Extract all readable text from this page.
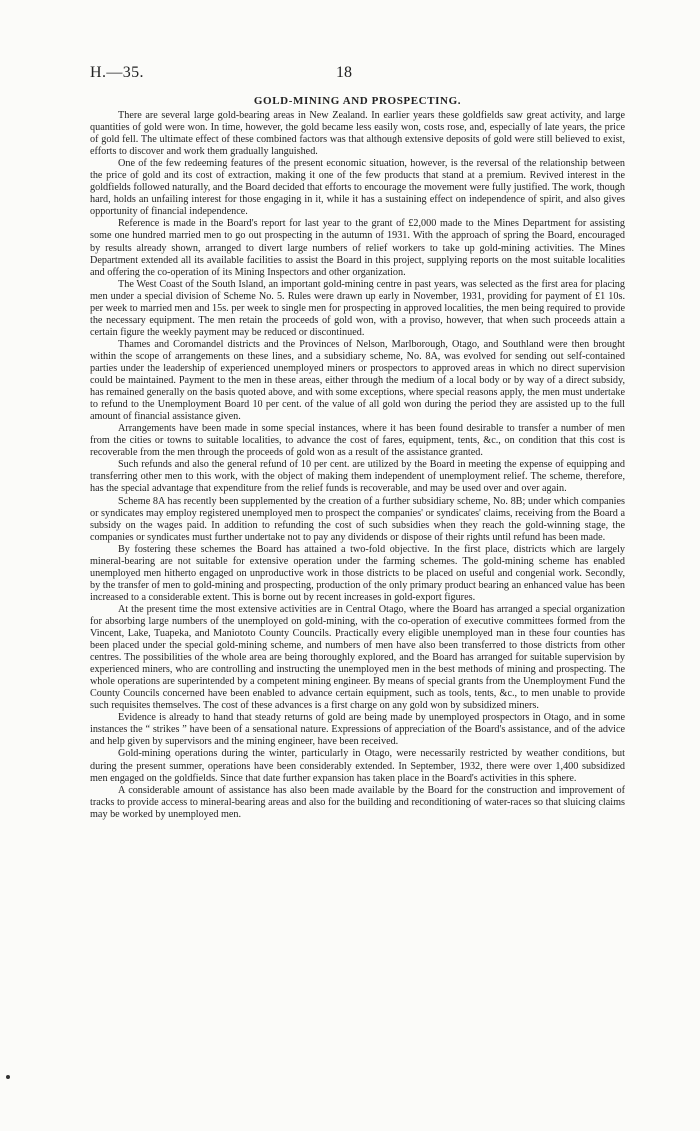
H.—35.	18
GOLD-MINING AND PROSPECTING.

There are several large gold-bearing areas in New Zealand. In earlier years these goldfields saw great activity, and large quantities of gold were won. In time, however, the gold became less easily won, costs rose, and, especially of late years, the price of gold fell. The ultimate effect of these combined factors was that although extensive deposits of gold were still believed to exist, efforts to discover and work them gradually languished.

One of the few redeeming features of the present economic situation, however, is the reversal of the relationship between the price of gold and its cost of extraction, making it one of the few products that stand at a premium. Revived interest in the goldfields followed naturally, and the Board decided that efforts to encourage the movement were fully justified. The work, though hard, holds an unfailing interest for those engaging in it, while it has a sustaining effect on independence of spirit, and also gives opportunity of financial independence.

Reference is made in the Board's report for last year to the grant of £2,000 made to the Mines Department for assisting some one hundred married men to go out prospecting in the autumn of 1931. With the approach of spring the Board, encouraged by results already shown, arranged to divert large numbers of relief workers to take up gold-mining activities. The Mines Department extended all its available facilities to assist the Board in this project, supplying reports on the most suitable localities and offering the co-operation of its Mining Inspectors and other organization.

The West Coast of the South Island, an important gold-mining centre in past years, was selected as the first area for placing men under a special division of Scheme No. 5. Rules were drawn up early in November, 1931, providing for payment of £1 10s. per week to married men and 15s. per week to single men for prospecting in approved localities, the men being required to provide the necessary equipment. The men retain the proceeds of gold won, with a proviso, however, that when such proceeds attain a certain figure the weekly payment may be reduced or discontinued.

Thames and Coromandel districts and the Provinces of Nelson, Marlborough, Otago, and Southland were then brought within the scope of arrangements on these lines, and a subsidiary scheme, No. 8A, was evolved for sending out self-contained parties under the leadership of experienced unemployed miners or prospectors to approved areas in which no direct supervision could be maintained. Payment to the men in these areas, either through the medium of a local body or by way of a direct subsidy, has remained generally on the basis quoted above, and with some exceptions, where special reasons apply, the men must undertake to refund to the Unemployment Board 10 per cent. of the value of all gold won during the period they are assisted up to the full amount of financial assistance given.

Arrangements have been made in some special instances, where it has been found desirable to transfer a number of men from the cities or towns to suitable localities, to advance the cost of fares, equipment, tents, &c., on condition that this cost is recoverable from the men through the proceeds of gold won as a result of the assistance granted.

Such refunds and also the general refund of 10 per cent. are utilized by the Board in meeting the expense of equipping and transferring other men to this work, with the object of making them independent of unemployment relief. The scheme, therefore, has the special advantage that expenditure from the relief funds is recoverable, and may be used over and over again.

Scheme 8A has recently been supplemented by the creation of a further subsidiary scheme, No. 8B; under which companies or syndicates may employ registered unemployed men to prospect the companies' or syndicates' claims, receiving from the Board a subsidy on the wages paid. In addition to refunding the cost of such subsidies when they reach the gold-winning stage, the companies or syndicates must further undertake not to pay any dividends or dispose of their rights until refund has been made.

By fostering these schemes the Board has attained a two-fold objective. In the first place, districts which are largely mineral-bearing are not suitable for extensive operation under the farming schemes. The gold-mining scheme has enabled unemployed men hitherto engaged on unproductive work in those districts to be placed on useful and congenial work. Secondly, by the transfer of men to gold-mining and prospecting, production of the only primary product bearing an enhanced value has been increased to a considerable extent. This is borne out by recent increases in gold-export figures.

At the present time the most extensive activities are in Central Otago, where the Board has arranged a special organization for absorbing large numbers of the unemployed on gold-mining, with the co-operation of executive committees formed from the Vincent, Lake, Tuapeka, and Maniototo County Councils. Practically every eligible unemployed man in these four counties has been placed under the special gold-mining scheme, and numbers of men have also been transferred to those districts from other centres. The possibilities of the whole area are being thoroughly explored, and the Board has arranged for suitable supervision by experienced miners, who are controlling and instructing the unemployed men in the best methods of mining and prospecting. The whole operations are superintended by a competent mining engineer. By means of special grants from the Unemployment Fund the County Councils concerned have been enabled to advance certain equipment, such as tools, tents, &c., to men unable to provide such requisites themselves. The cost of these advances is a first charge on any gold won by subsidized miners.

Evidence is already to hand that steady returns of gold are being made by unemployed prospectors in Otago, and in some instances the “ strikes ” have been of a sensational nature. Expressions of appreciation of the Board's assistance, and of the advice and help given by supervisors and the mining engineer, have been received.

Gold-mining operations during the winter, particularly in Otago, were necessarily restricted by weather conditions, but during the present summer, operations have been considerably extended. In September, 1932, there were over 1,400 subsidized men engaged on the goldfields. Since that date further expansion has taken place in the Board's activities in this sphere.

A considerable amount of assistance has also been made available by the Board for the construction and improvement of tracks to provide access to mineral-bearing areas and also for the building and reconditioning of water-races so that sluicing claims may be worked by unemployed men.
